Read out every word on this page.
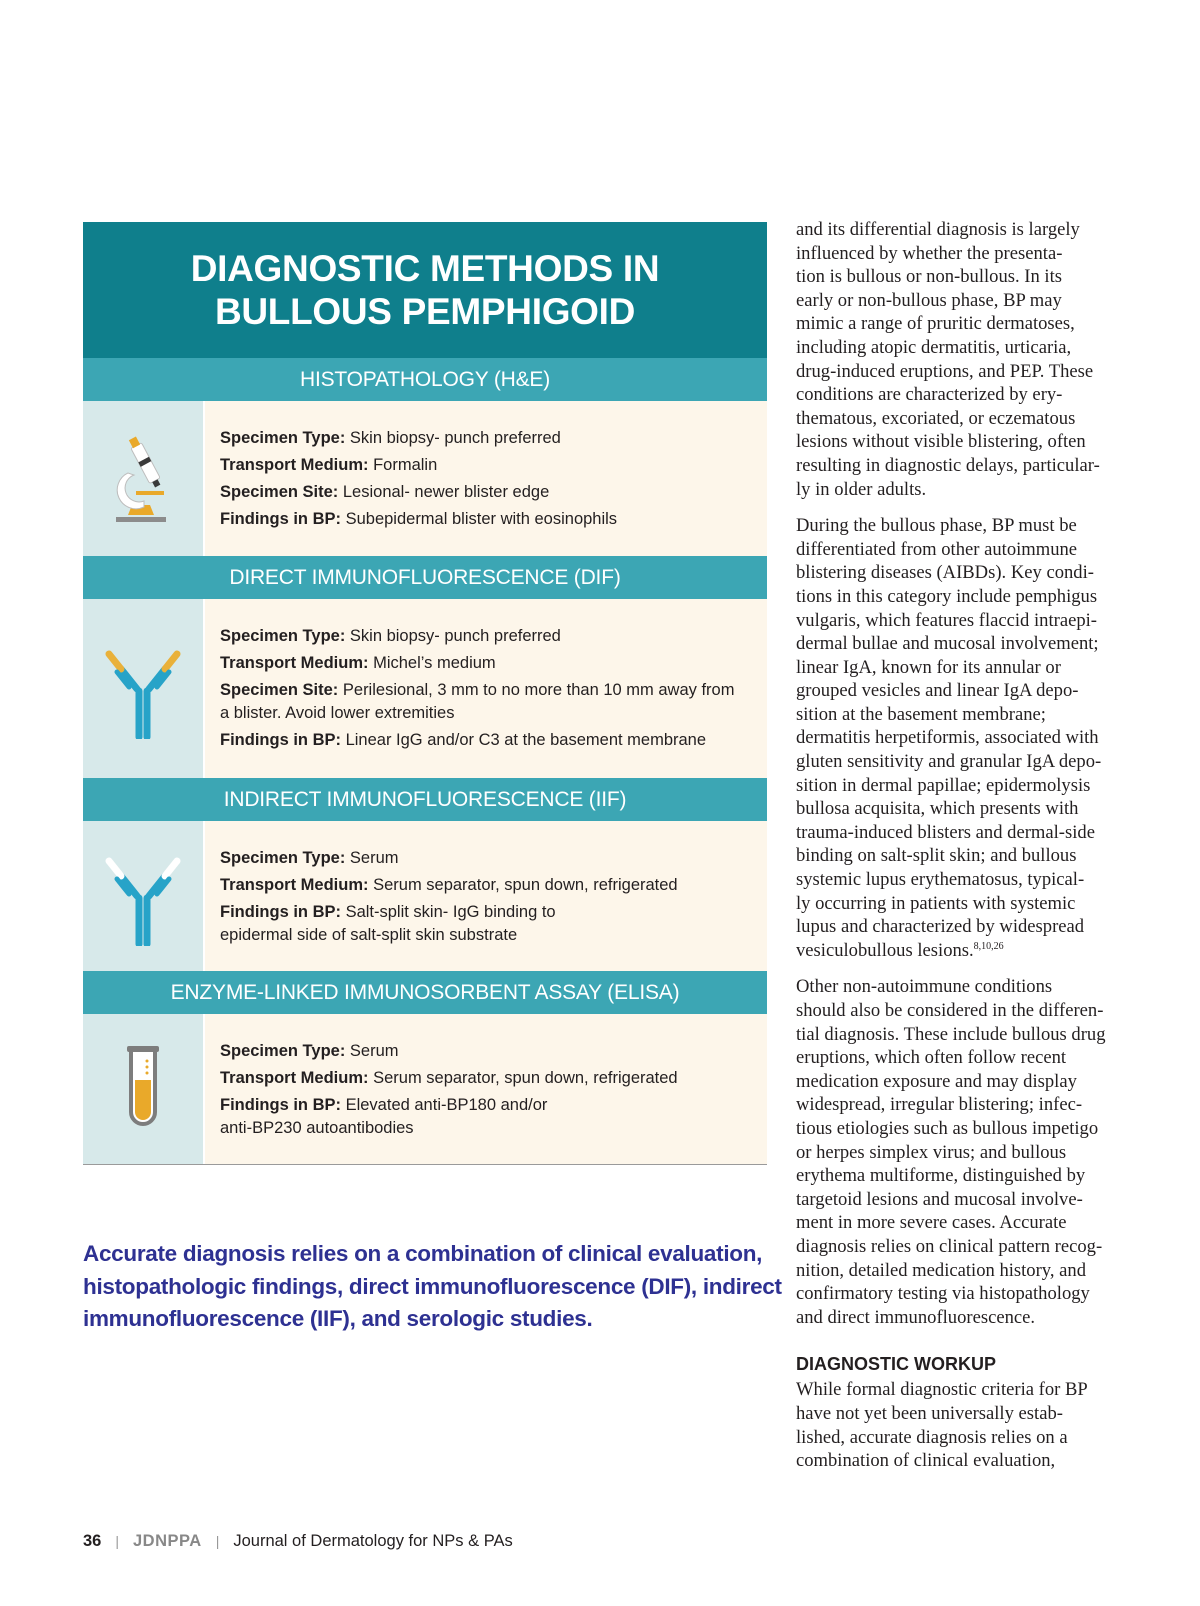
DIAGNOSTIC METHODS IN
BULLOUS PEMPHIGOID
HISTOPATHOLOGY (H&E)
Specimen Type: Skin biopsy- punch preferred
Transport Medium: Formalin
Specimen Site: Lesional- newer blister edge
Findings in BP: Subepidermal blister with eosinophils
DIRECT IMMUNOFLUORESCENCE (DIF)
Specimen Type: Skin biopsy- punch preferred
Transport Medium: Michel’s medium
Specimen Site: Perilesional, 3 mm to no more than 10 mm away from
a blister. Avoid lower extremities
Findings in BP: Linear IgG and/or C3 at the basement membrane
INDIRECT IMMUNOFLUORESCENCE (IIF)
Specimen Type: Serum
Transport Medium: Serum separator, spun down, refrigerated
Findings in BP: Salt-split skin- IgG binding to
epidermal side of salt-split skin substrate
ENZYME-LINKED IMMUNOSORBENT ASSAY (ELISA)
Specimen Type: Serum
Transport Medium: Serum separator, spun down, refrigerated
Findings in BP: Elevated anti-BP180 and/or
anti-BP230 autoantibodies

Accurate diagnosis relies on a combination of clinical evaluation,

histopathologic findings, direct immunofluorescence (DIF), indirect

immunofluorescence (IIF), and serologic studies.

and its differential diagnosis is largely
influenced by whether the presenta-
tion is bullous or non-bullous. In its
early or non-bullous phase, BP may
mimic a range of pruritic dermatoses,
including atopic dermatitis, urticaria,
drug-induced eruptions, and PEP. These
conditions are characterized by ery-
thematous, excoriated, or eczematous
lesions without visible blistering, often
resulting in diagnostic delays, particular-
ly in older adults.

During the bullous phase, BP must be
differentiated from other autoimmune
blistering diseases (AIBDs). Key condi-
tions in this category include pemphigus
vulgaris, which features flaccid intraepi-
dermal bullae and mucosal involvement;
linear IgA, known for its annular or
grouped vesicles and linear IgA depo-
sition at the basement membrane;
dermatitis herpetiformis, associated with
gluten sensitivity and granular IgA depo-
sition in dermal papillae; epidermolysis
bullosa acquisita, which presents with
trauma-induced blisters and dermal-side
binding on salt-split skin; and bullous
systemic lupus erythematosus, typical-
ly occurring in patients with systemic
lupus and characterized by widespread
vesiculobullous lesions.$^{8,10,26}$

Other non-autoimmune conditions
should also be considered in the differen-
tial diagnosis. These include bullous drug
eruptions, which often follow recent
medication exposure and may display
widespread, irregular blistering; infec-
tious etiologies such as bullous impetigo
or herpes simplex virus; and bullous
erythema multiforme, distinguished by
targetoid lesions and mucosal involve-
ment in more severe cases. Accurate
diagnosis relies on clinical pattern recog-
nition, detailed medication history, and
confirmatory testing via histopathology
and direct immunofluorescence.

DIAGNOSTIC WORKUP

While formal diagnostic criteria for BP
have not yet been universally estab-
lished, accurate diagnosis relies on a
combination of clinical evaluation,

36 | JDNPPA | Journal of Dermatology for NPs & PAs
